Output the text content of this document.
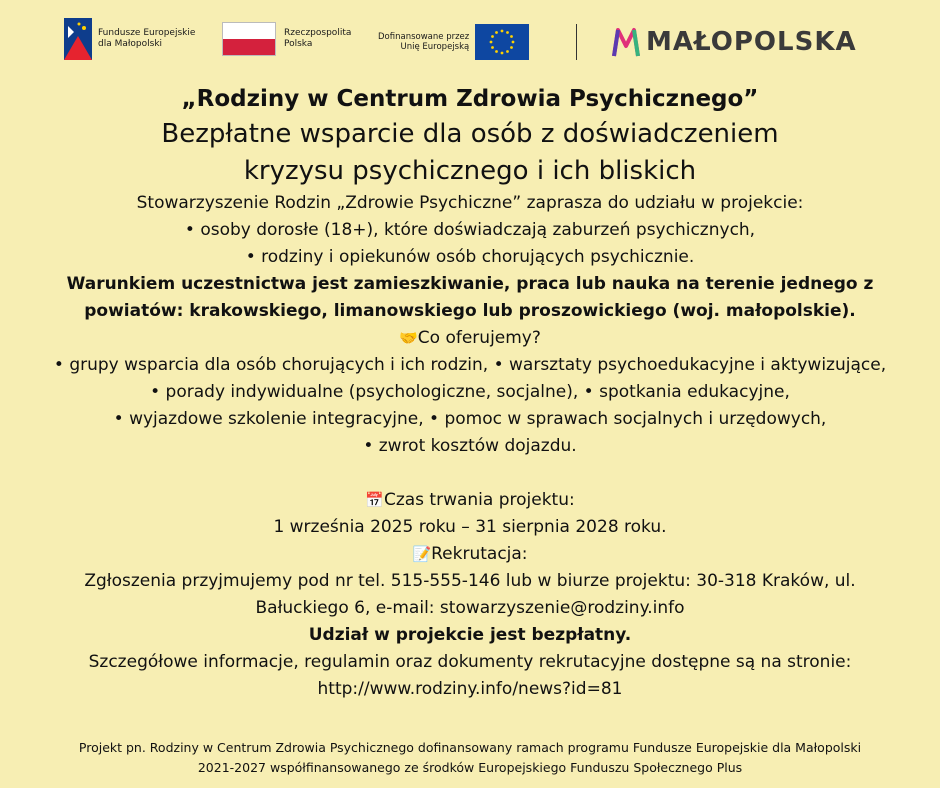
Fundusze Europejskie
dla Małopolski
Rzeczpospolita
Polska
Dofinansowane przez
Unię Europejską	MAŁOPOLSKA

„Rodziny w Centrum Zdrowia Psychicznego”

Bezpłatne wsparcie dla osób z doświadczeniem kryzysu psychicznego i ich bliskich

Stowarzyszenie Rodzin „Zdrowie Psychiczne” zaprasza do udziału w projekcie:

• osoby dorosłe (18+), które doświadczają zaburzeń psychicznych,

• rodziny i opiekunów osób chorujących psychicznie.

Warunkiem uczestnictwa jest zamieszkiwanie, praca lub nauka na terenie jednego z

powiatów: krakowskiego, limanowskiego lub proszowickiego (woj. małopolskie).

🤝Co oferujemy?

• grupy wsparcia dla osób chorujących i ich rodzin, • warsztaty psychoedukacyjne i aktywizujące,

• porady indywidualne (psychologiczne, socjalne), • spotkania edukacyjne,

• wyjazdowe szkolenie integracyjne, • pomoc w sprawach socjalnych i urzędowych,

• zwrot kosztów dojazdu.

📅Czas trwania projektu:

1 września 2025 roku – 31 sierpnia 2028 roku.

📝Rekrutacja:

Zgłoszenia przyjmujemy pod nr tel. 515-555-146 lub w biurze projektu: 30-318 Kraków, ul.

Bałuckiego 6, e-mail: stowarzyszenie@rodziny.info

Udział w projekcie jest bezpłatny.

Szczegółowe informacje, regulamin oraz dokumenty rekrutacyjne dostępne są na stronie:

http://www.rodziny.info/news?id=81

Projekt pn. Rodziny w Centrum Zdrowia Psychicznego dofinansowany ramach programu Fundusze Europejskie dla Małopolski
2021-2027 współfinansowanego ze środków Europejskiego Funduszu Społecznego Plus
